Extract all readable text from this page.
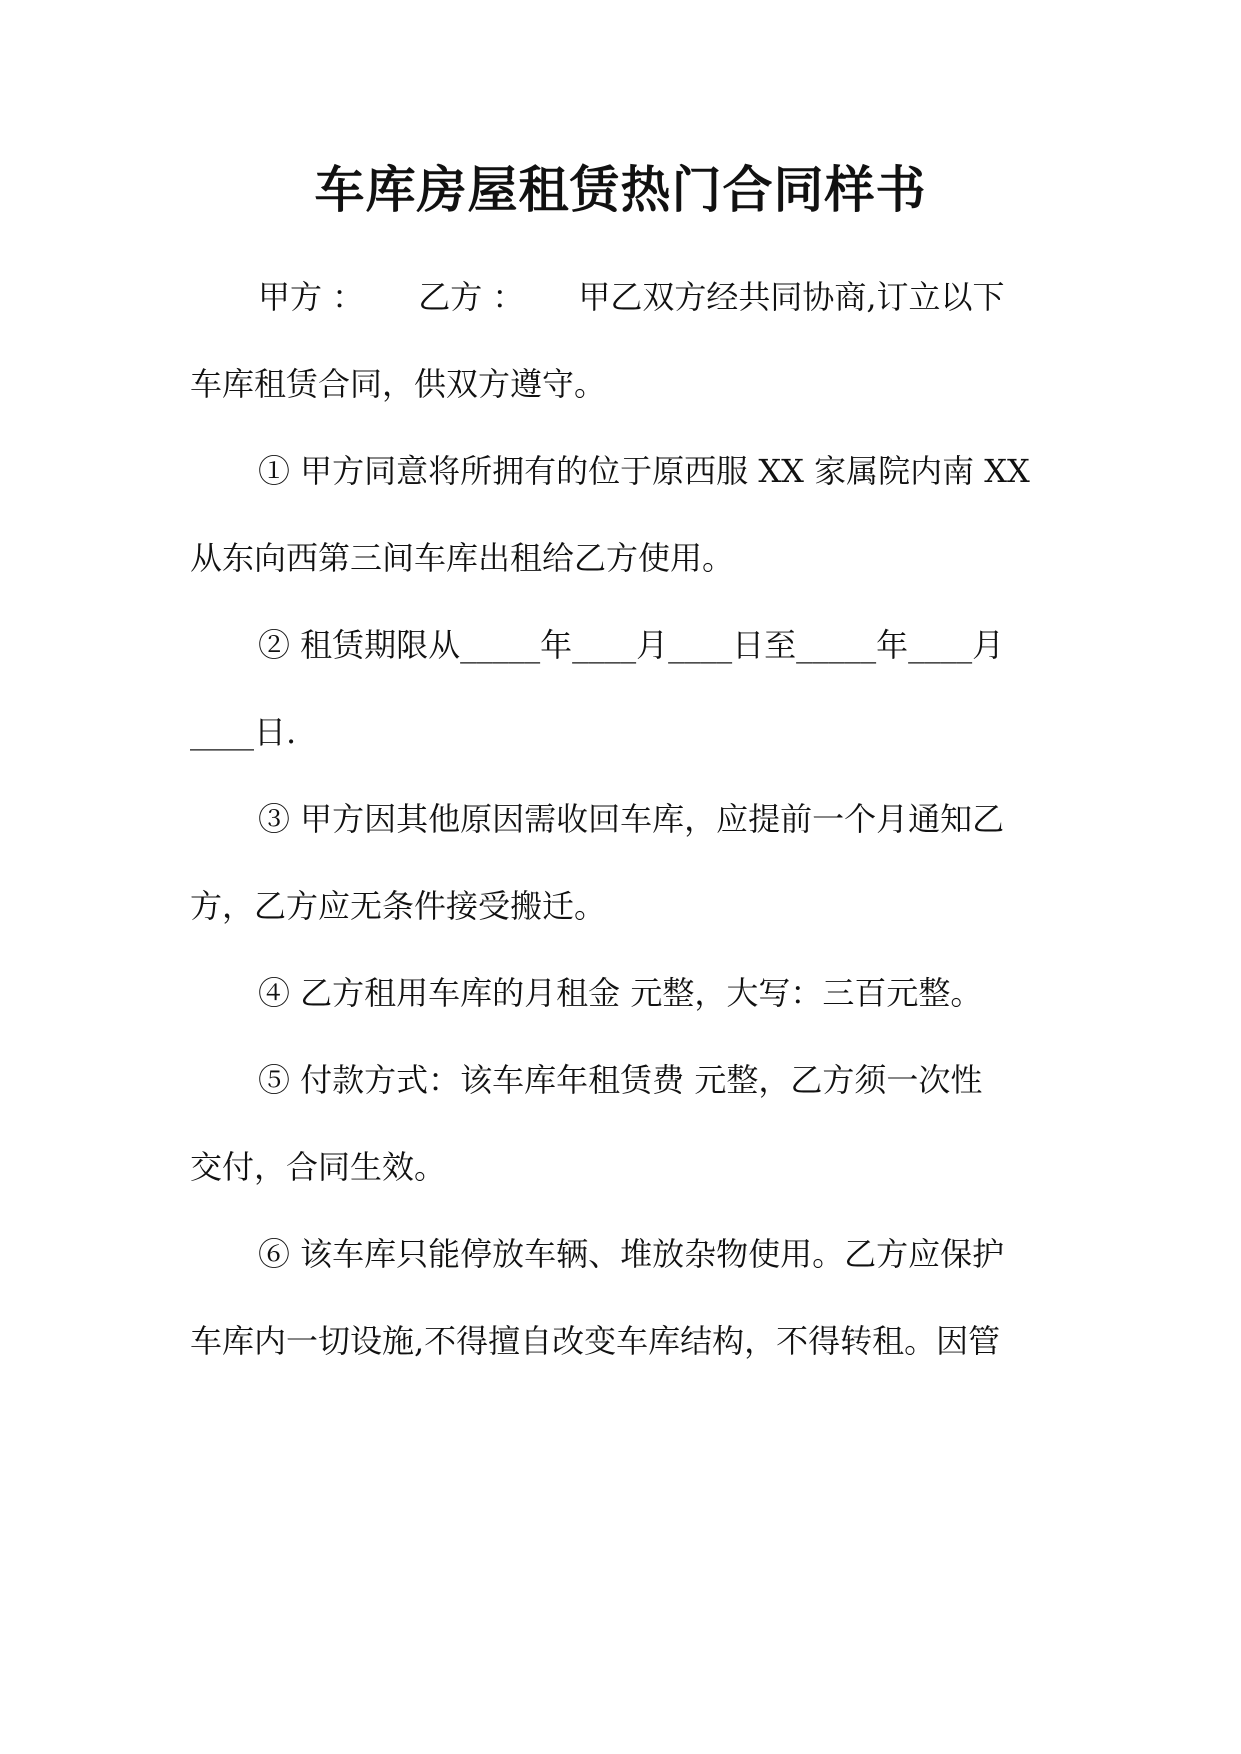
车库房屋租赁热门合同样书
甲方 ： 乙方 ： 甲乙双方经共同协商,订立以下
车库租赁合同，供双方遵守。
① 甲方同意将所拥有的位于原西服 XX 家属院内南 XX
从东向西第三间车库出租给乙方使用。
② 租赁期限从_____年____月____日至_____年____月
____日.
③ 甲方因其他原因需收回车库，应提前一个月通知乙
方，乙方应无条件接受搬迁。
④ 乙方租用车库的月租金 元整，大写：三百元整。
⑤ 付款方式：该车库年租赁费 元整，乙方须一次性
交付，合同生效。
⑥ 该车库只能停放车辆、堆放杂物使用。乙方应保护
车库内一切设施,不得擅自改变车库结构，不得转租。因管
